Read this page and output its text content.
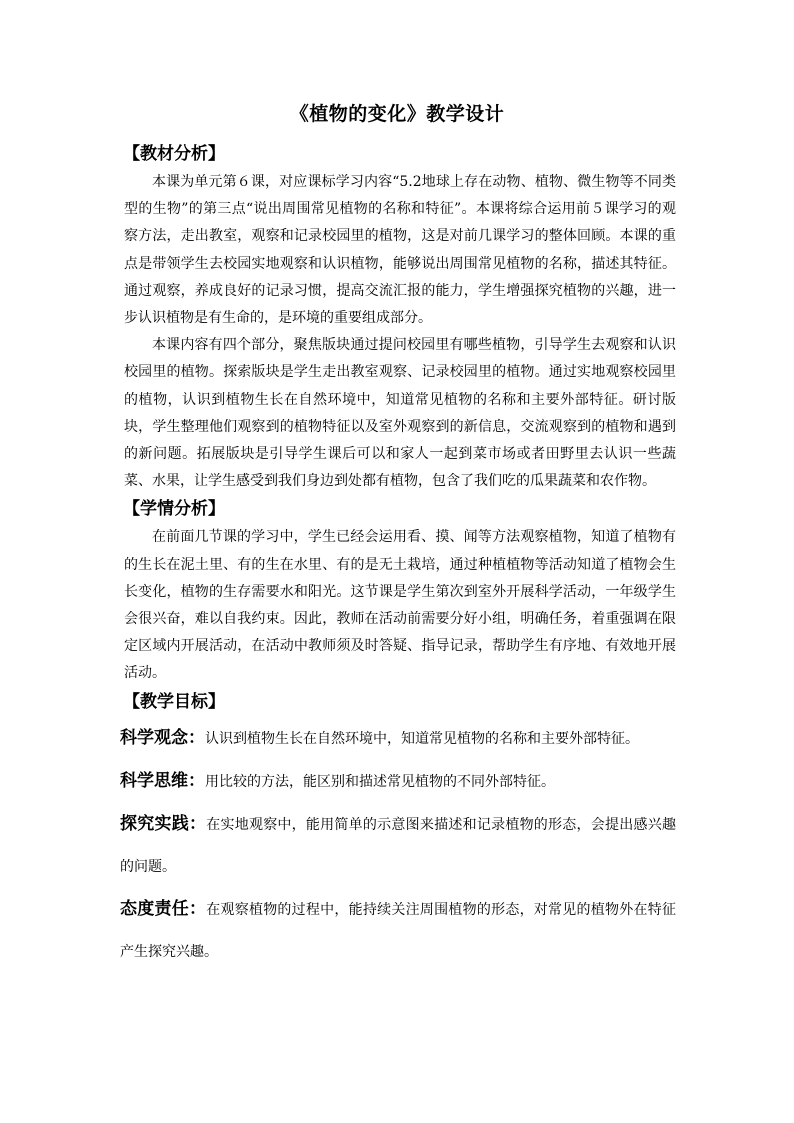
《植物的变化》教学设计
【教材分析】

本课为单元第６课，对应课标学习内容“5.2地球上存在动物、植物、微生物等不同类型的生物”的第三点“说出周围常见植物的名称和特征”。本课将综合运用前５课学习的观察方法，走出教室，观察和记录校园里的植物，这是对前几课学习的整体回顾。本课的重点是带领学生去校园实地观察和认识植物，能够说出周围常见植物的名称，描述其特征。通过观察，养成良好的记录习惯，提高交流汇报的能力，学生增强探究植物的兴趣，进一步认识植物是有生命的，是环境的重要组成部分。

本课内容有四个部分，聚焦版块通过提问校园里有哪些植物，引导学生去观察和认识校园里的植物。探索版块是学生走出教室观察、记录校园里的植物。通过实地观察校园里的植物，认识到植物生长在自然环境中，知道常见植物的名称和主要外部特征。研讨版块，学生整理他们观察到的植物特征以及室外观察到的新信息，交流观察到的植物和遇到的新问题。拓展版块是引导学生课后可以和家人一起到菜市场或者田野里去认识一些蔬菜、水果，让学生感受到我们身边到处都有植物，包含了我们吃的瓜果蔬菜和农作物。

【学情分析】

在前面几节课的学习中，学生已经会运用看、摸、闻等方法观察植物，知道了植物有的生长在泥土里、有的生在水里、有的是无土栽培，通过种植植物等活动知道了植物会生长变化，植物的生存需要水和阳光。这节课是学生第次到室外开展科学活动，一年级学生会很兴奋，难以自我约束。因此，教师在活动前需要分好小组，明确任务，着重强调在限定区域内开展活动，在活动中教师须及时答疑、指导记录，帮助学生有序地、有效地开展活动。

【教学目标】

科学观念：认识到植物生长在自然环境中，知道常见植物的名称和主要外部特征。

科学思维：用比较的方法，能区别和描述常见植物的不同外部特征。

探究实践：在实地观察中，能用简单的示意图来描述和记录植物的形态，会提出感兴趣的问题。

态度责任：在观察植物的过程中，能持续关注周围植物的形态，对常见的植物外在特征产生探究兴趣。
